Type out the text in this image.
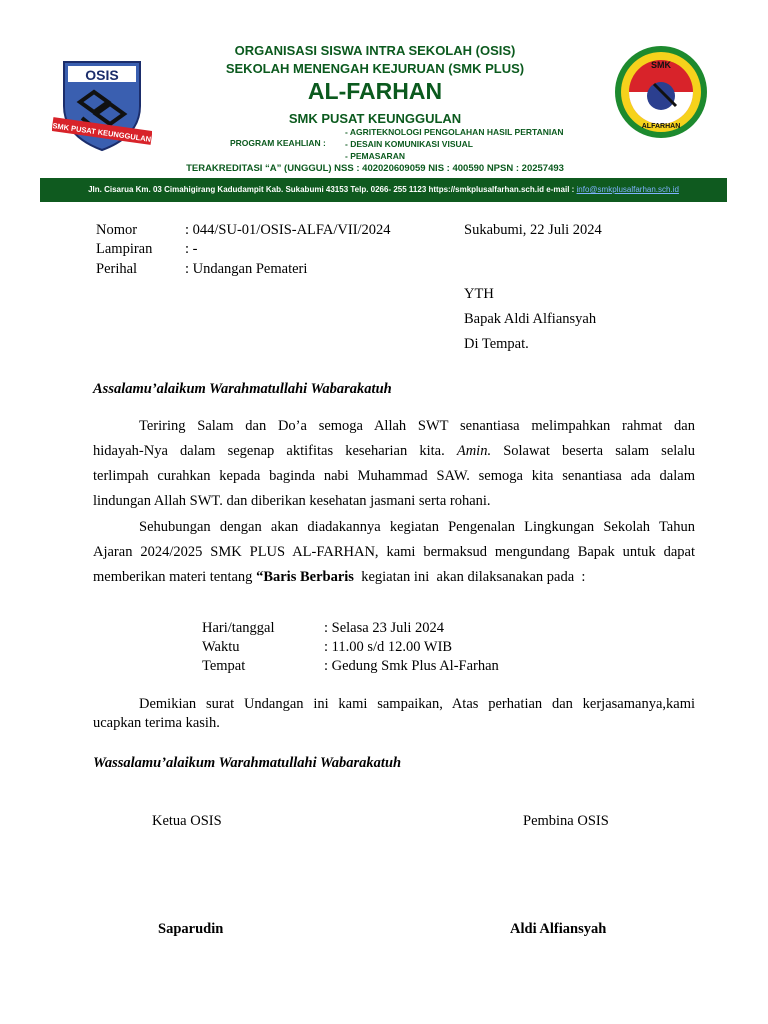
OSIS
SMK PUSAT KEUNGGULAN
SMK
ALFARHAN
ORGANISASI SISWA INTRA SEKOLAH (OSIS)
SEKOLAH MENENGAH KEJURUAN (SMK PLUS)
AL-FARHAN
SMK PUSAT KEUNGGULAN
PROGRAM KEAHLIAN :
- AGRITEKNOLOGI PENGOLAHAN HASIL PERTANIAN
- DESAIN KOMUNIKASI VISUAL
- PEMASARAN
TERAKREDITASI “A” (UNGGUL) NSS : 402020609059 NIS : 400590 NPSN : 20257493
Jln. Cisarua Km. 03 Cimahigirang Kadudampit Kab. Sukabumi 43153 Telp. 0266- 255 1123 https://smkplusalfarhan.sch.id e-mail : info@smkplusalfarhan.sch.id
Nomor	: 044/SU-01/OSIS-ALFA/VII/2024
Lampiran : -
Perihal	: Undangan Pemateri
Sukabumi, 22 Juli 2024
YTH
Bapak Aldi Alfiansyah
Di Tempat.
Assalamu’alaikum Warahmatullahi Wabarakatuh
Teriring Salam dan Do’a semoga Allah SWT senantiasa melimpahkan rahmat dan
hidayah-Nya dalam segenap aktifitas keseharian kita. Amin. Solawat beserta salam selalu
terlimpah curahkan kepada baginda nabi Muhammad SAW. semoga kita senantiasa ada dalam
lindungan Allah SWT. dan diberikan kesehatan jasmani serta rohani.
Sehubungan dengan akan diadakannya kegiatan Pengenalan Lingkungan Sekolah Tahun
Ajaran 2024/2025 SMK PLUS AL-FARHAN, kami bermaksud mengundang Bapak untuk dapat
memberikan materi tentang “Baris Berbaris  kegiatan ini  akan dilaksanakan pada  :
Hari/tanggal	: Selasa 23 Juli 2024
Waktu	: 11.00 s/d 12.00 WIB
Tempat	: Gedung Smk Plus Al-Farhan
Demikian surat Undangan ini kami sampaikan, Atas perhatian dan kerjasamanya,kami
ucapkan terima kasih.
Wassalamu’alaikum Warahmatullahi Wabarakatuh
Ketua OSIS	Pembina OSIS
Saparudin	Aldi Alfiansyah
